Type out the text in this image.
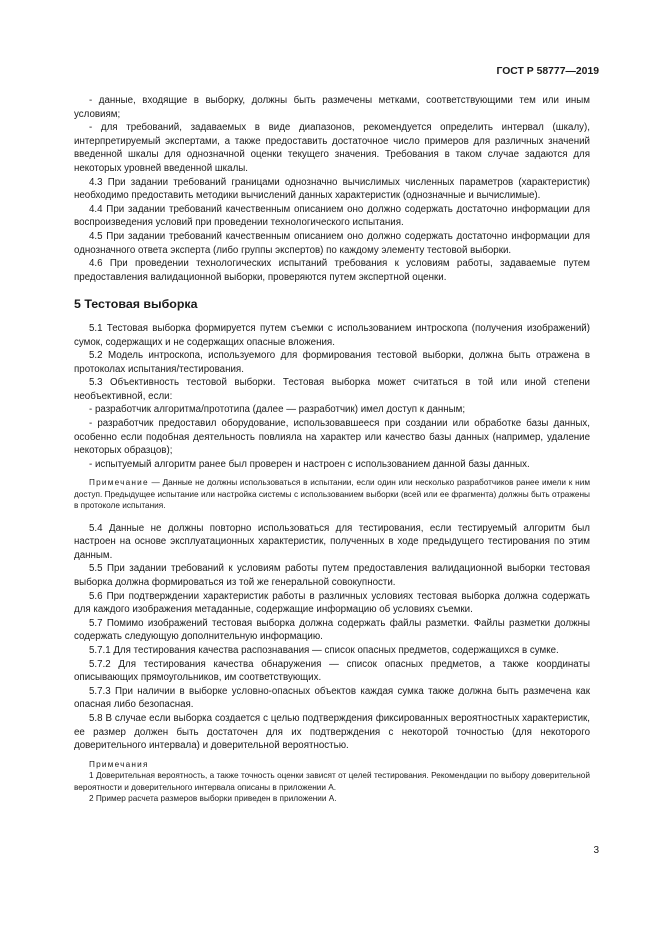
ГОСТ Р 58777—2019

- данные, входящие в выборку, должны быть размечены метками, соответствующими тем или иным условиям;

- для требований, задаваемых в виде диапазонов, рекомендуется определить интервал (шкалу), интерпретируемый экспертами, а также предоставить достаточное число примеров для различных значений введенной шкалы для однозначной оценки текущего значения. Требования в таком случае задаются для некоторых уровней введенной шкалы.

4.3 При задании требований границами однозначно вычислимых численных параметров (характеристик) необходимо предоставить методики вычислений данных характеристик (однозначные и вычислимые).

4.4 При задании требований качественным описанием оно должно содержать достаточно информации для воспроизведения условий при проведении технологического испытания.

4.5 При задании требований качественным описанием оно должно содержать достаточно информации для однозначного ответа эксперта (либо группы экспертов) по каждому элементу тестовой выборки.

4.6 При проведении технологических испытаний требования к условиям работы, задаваемые путем предоставления валидационной выборки, проверяются путем экспертной оценки.

5 Тестовая выборка

5.1 Тестовая выборка формируется путем съемки с использованием интроскопа (получения изображений) сумок, содержащих и не содержащих опасные вложения.

5.2 Модель интроскопа, используемого для формирования тестовой выборки, должна быть отражена в протоколах испытания/тестирования.

5.3 Объективность тестовой выборки. Тестовая выборка может считаться в той или иной степени необъективной, если:

- разработчик алгоритма/прототипа (далее — разработчик) имел доступ к данным;

- разработчик предоставил оборудование, использовавшееся при создании или обработке базы данных, особенно если подобная деятельность повлияла на характер или качество базы данных (например, удаление некоторых образцов);

- испытуемый алгоритм ранее был проверен и настроен с использованием данной базы данных.

Примечание — Данные не должны использоваться в испытании, если один или несколько разработчиков ранее имели к ним доступ. Предыдущее испытание или настройка системы с использованием выборки (всей или ее фрагмента) должны быть отражены в протоколе испытания.

5.4 Данные не должны повторно использоваться для тестирования, если тестируемый алгоритм был настроен на основе эксплуатационных характеристик, полученных в ходе предыдущего тестирования по этим данным.

5.5 При задании требований к условиям работы путем предоставления валидационной выборки тестовая выборка должна формироваться из той же генеральной совокупности.

5.6 При подтверждении характеристик работы в различных условиях тестовая выборка должна содержать для каждого изображения метаданные, содержащие информацию об условиях съемки.

5.7 Помимо изображений тестовая выборка должна содержать файлы разметки. Файлы разметки должны содержать следующую дополнительную информацию.

5.7.1 Для тестирования качества распознавания — список опасных предметов, содержащихся в сумке.

5.7.2 Для тестирования качества обнаружения — список опасных предметов, а также координаты описывающих прямоугольников, им соответствующих.

5.7.3 При наличии в выборке условно-опасных объектов каждая сумка также должна быть размечена как опасная либо безопасная.

5.8 В случае если выборка создается с целью подтверждения фиксированных вероятностных характеристик, ее размер должен быть достаточен для их подтверждения с некоторой точностью (для некоторого доверительного интервала) и доверительной вероятностью.

Примечания

1 Доверительная вероятность, а также точность оценки зависят от целей тестирования. Рекомендации по выбору доверительной вероятности и доверительного интервала описаны в приложении А.

2 Пример расчета размеров выборки приведен в приложении А.

3
